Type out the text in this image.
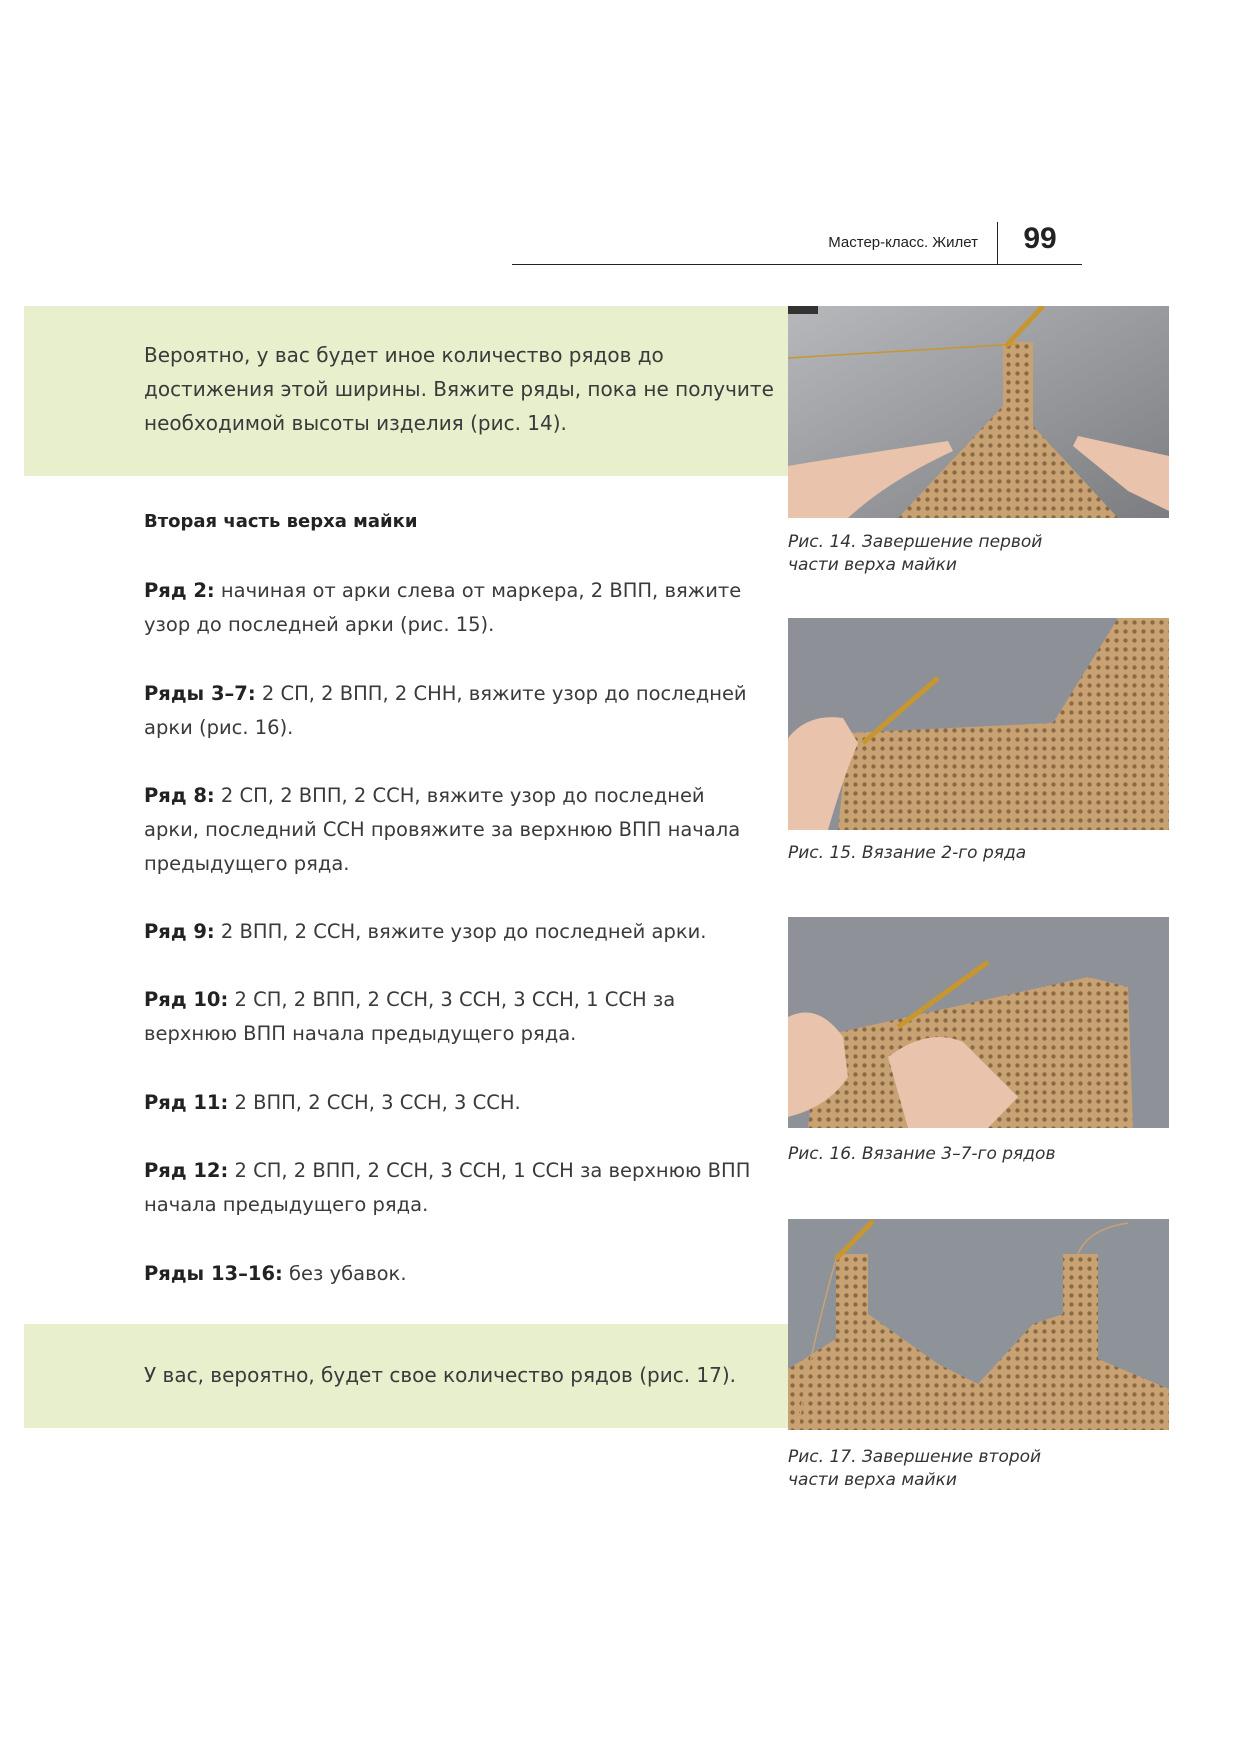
Мастер-класс. Жилет	99
Вероятно, у вас будет иное количество рядов до достижения этой ширины. Вяжите ряды, пока не получите необходимой высоты изделия (рис. 14).
Вторая часть верха майки
Ряд 2: начиная от арки слева от маркера, 2 ВПП, вяжите узор до последней арки (рис. 15).
Ряды 3–7: 2 СП, 2 ВПП, 2 СНН, вяжите узор до последней арки (рис. 16).
Ряд 8: 2 СП, 2 ВПП, 2 ССН, вяжите узор до последней арки, последний ССН провяжите за верхнюю ВПП начала предыдущего ряда.
Ряд 9: 2 ВПП, 2 ССН, вяжите узор до последней арки.
Ряд 10: 2 СП, 2 ВПП, 2 ССН, 3 ССН, 3 ССН, 1 ССН за верхнюю ВПП начала предыдущего ряда.
Ряд 11: 2 ВПП, 2 ССН, 3 ССН, 3 ССН.
Ряд 12: 2 СП, 2 ВПП, 2 ССН, 3 ССН, 1 ССН за верхнюю ВПП начала предыдущего ряда.
Ряды 13–16: без убавок.
У вас, вероятно, будет свое количество рядов (рис. 17).
Рис. 14. Завершение первой части верха майки
Рис. 15. Вязание 2-го ряда
Рис. 16. Вязание 3–7-го рядов
Рис. 17. Завершение второй части верха майки
